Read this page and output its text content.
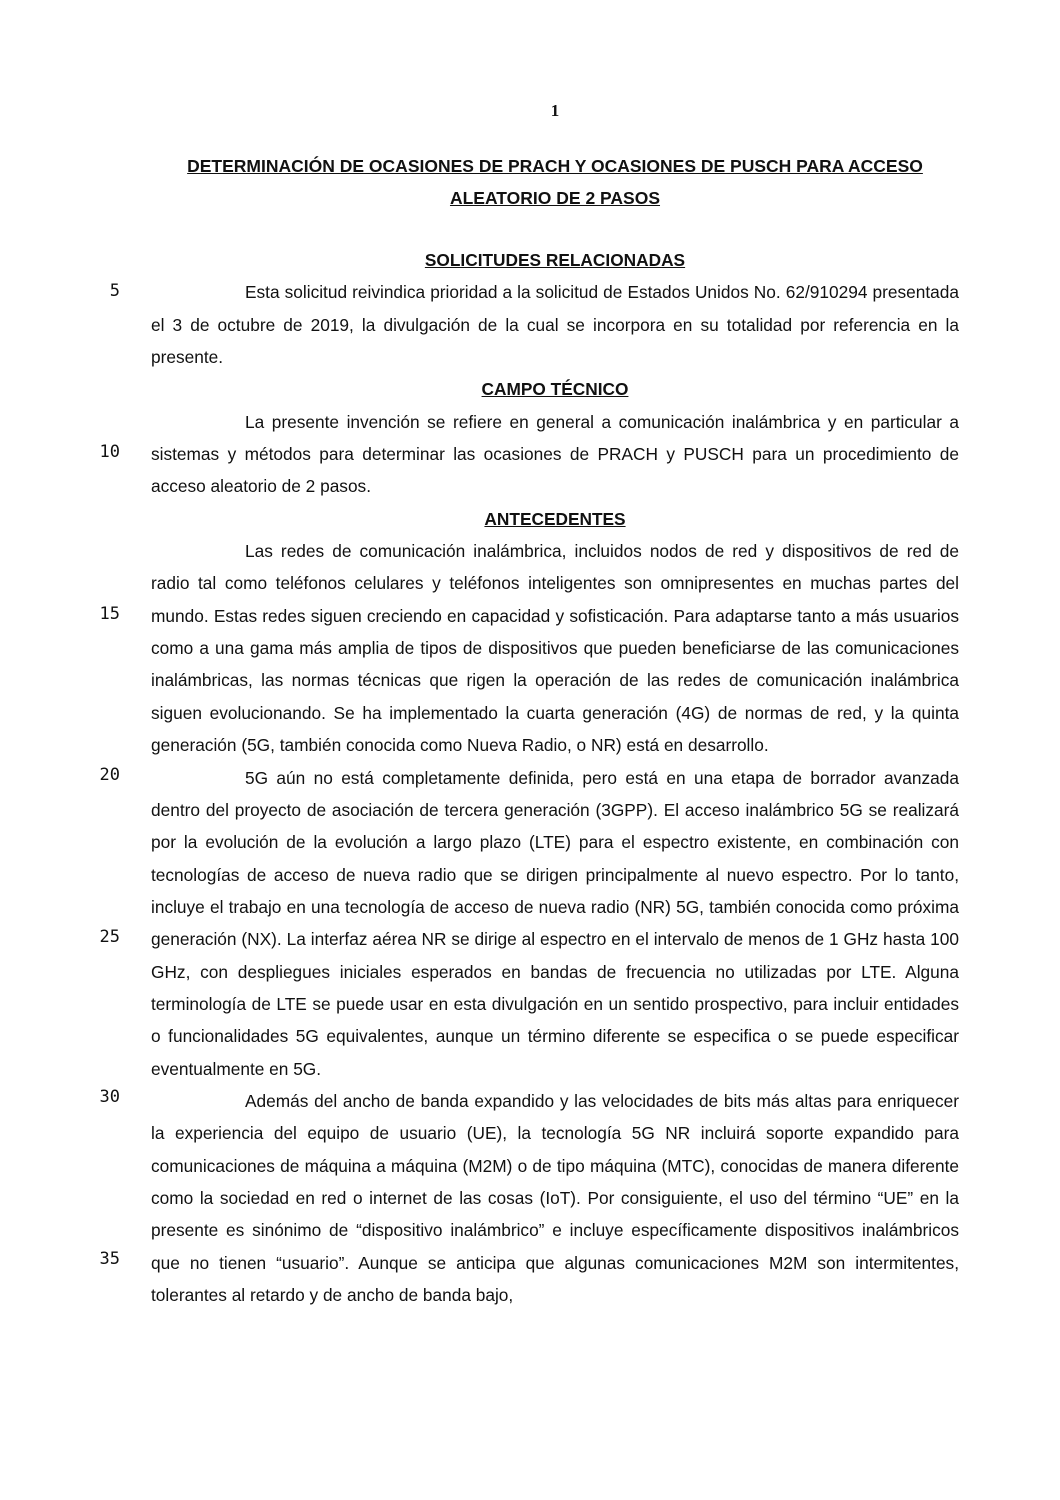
1
DETERMINACIÓN DE OCASIONES DE PRACH Y OCASIONES DE PUSCH PARA ACCESO ALEATORIO DE 2 PASOS
5
10
15
20
25
30
35

SOLICITUDES RELACIONADAS

Esta solicitud reivindica prioridad a la solicitud de Estados Unidos No. 62/910294 presentada el 3 de octubre de 2019, la divulgación de la cual se incorpora en su totalidad por referencia en la presente.

CAMPO TÉCNICO

La presente invención se refiere en general a comunicación inalámbrica y en particular a sistemas y métodos para determinar las ocasiones de PRACH y PUSCH para un procedimiento de acceso aleatorio de 2 pasos.

ANTECEDENTES

Las redes de comunicación inalámbrica, incluidos nodos de red y dispositivos de red de radio tal como teléfonos celulares y teléfonos inteligentes son omnipresentes en muchas partes del mundo. Estas redes siguen creciendo en capacidad y sofisticación. Para adaptarse tanto a más usuarios como a una gama más amplia de tipos de dispositivos que pueden beneficiarse de las comunicaciones inalámbricas, las normas técnicas que rigen la operación de las redes de comunicación inalámbrica siguen evolucionando. Se ha implementado la cuarta generación (4G) de normas de red, y la quinta generación (5G, también conocida como Nueva Radio, o NR) está en desarrollo.

5G aún no está completamente definida, pero está en una etapa de borrador avanzada dentro del proyecto de asociación de tercera generación (3GPP). El acceso inalámbrico 5G se realizará por la evolución de la evolución a largo plazo (LTE) para el espectro existente, en combinación con tecnologías de acceso de nueva radio que se dirigen principalmente al nuevo espectro. Por lo tanto, incluye el trabajo en una tecnología de acceso de nueva radio (NR) 5G, también conocida como próxima generación (NX). La interfaz aérea NR se dirige al espectro en el intervalo de menos de 1 GHz hasta 100 GHz, con despliegues iniciales esperados en bandas de frecuencia no utilizadas por LTE. Alguna terminología de LTE se puede usar en esta divulgación en un sentido prospectivo, para incluir entidades o funcionalidades 5G equivalentes, aunque un término diferente se especifica o se puede especificar eventualmente en 5G.

Además del ancho de banda expandido y las velocidades de bits más altas para enriquecer la experiencia del equipo de usuario (UE), la tecnología 5G NR incluirá soporte expandido para comunicaciones de máquina a máquina (M2M) o de tipo máquina (MTC), conocidas de manera diferente como la sociedad en red o internet de las cosas (IoT). Por consiguiente, el uso del término “UE” en la presente es sinónimo de “dispositivo inalámbrico” e incluye específicamente dispositivos inalámbricos que no tienen “usuario”. Aunque se anticipa que algunas comunicaciones M2M son intermitentes, tolerantes al retardo y de ancho de banda bajo,
